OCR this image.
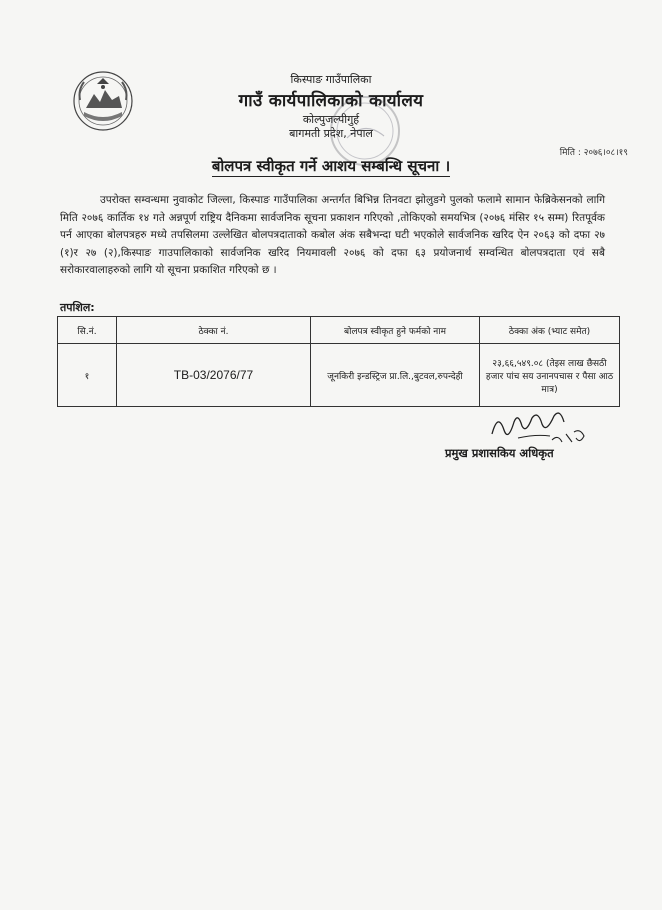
किस्पाङ गाउँपालिका
गाउँ कार्यपालिकाको कार्यालय
कोल्पुजल्पीगुर्ह
बागमती प्रदेश, नेपाल
मिति : २०७६।०८।१९
बोलपत्र स्वीकृत गर्ने आशय सम्बन्धि सूचना ।
उपरोक्त सम्वन्धमा नुवाकोट जिल्ला, किस्पाङ गाउँपालिका अन्तर्गत बिभिन्न तिनवटा झोलुङगे पुलको फलामे सामान फेब्रिकेसनको लागि मिति २०७६ कार्तिक १४ गते अन्नपूर्ण राष्ट्रिय दैनिकमा सार्वजनिक सूचना प्रकाशन गरिएको ,तोकिएको समयभित्र (२०७६ मंसिर १५ सम्म) रितपूर्वक पर्न आएका बोलपत्रहरु मध्ये तपसिलमा उल्लेखित बोलपत्रदाताको कबोल अंक सबैभन्दा घटी भएकोले सार्वजनिक खरिद ऐन २०६३ को दफा २७ (१)र २७ (२),किस्पाङ गाउपालिकाको सार्वजनिक खरिद नियमावली २०७६ को दफा ६३ प्रयोजनार्थ सम्वन्धित बोलपत्रदाता एवं सबै सरोकारवालाहरुको लागि यो सूचना प्रकाशित गरिएको छ ।
तपशिल:
सि.नं.	ठेक्का नं.	बोलपत्र स्वीकृत हुने फर्मको नाम	ठेक्का अंक (भ्याट समेत)
१	TB-03/2076/77	जूनकिरी इन्डस्ट्रिज प्रा.लि.,बुटवल,रुपन्देही	२३,६६,५४९.०८ (तेइस लाख छैसठी हजार पांच सय उनानपचास र पैसा आठ मात्र)
प्रमुख प्रशासकिय अधिकृत
